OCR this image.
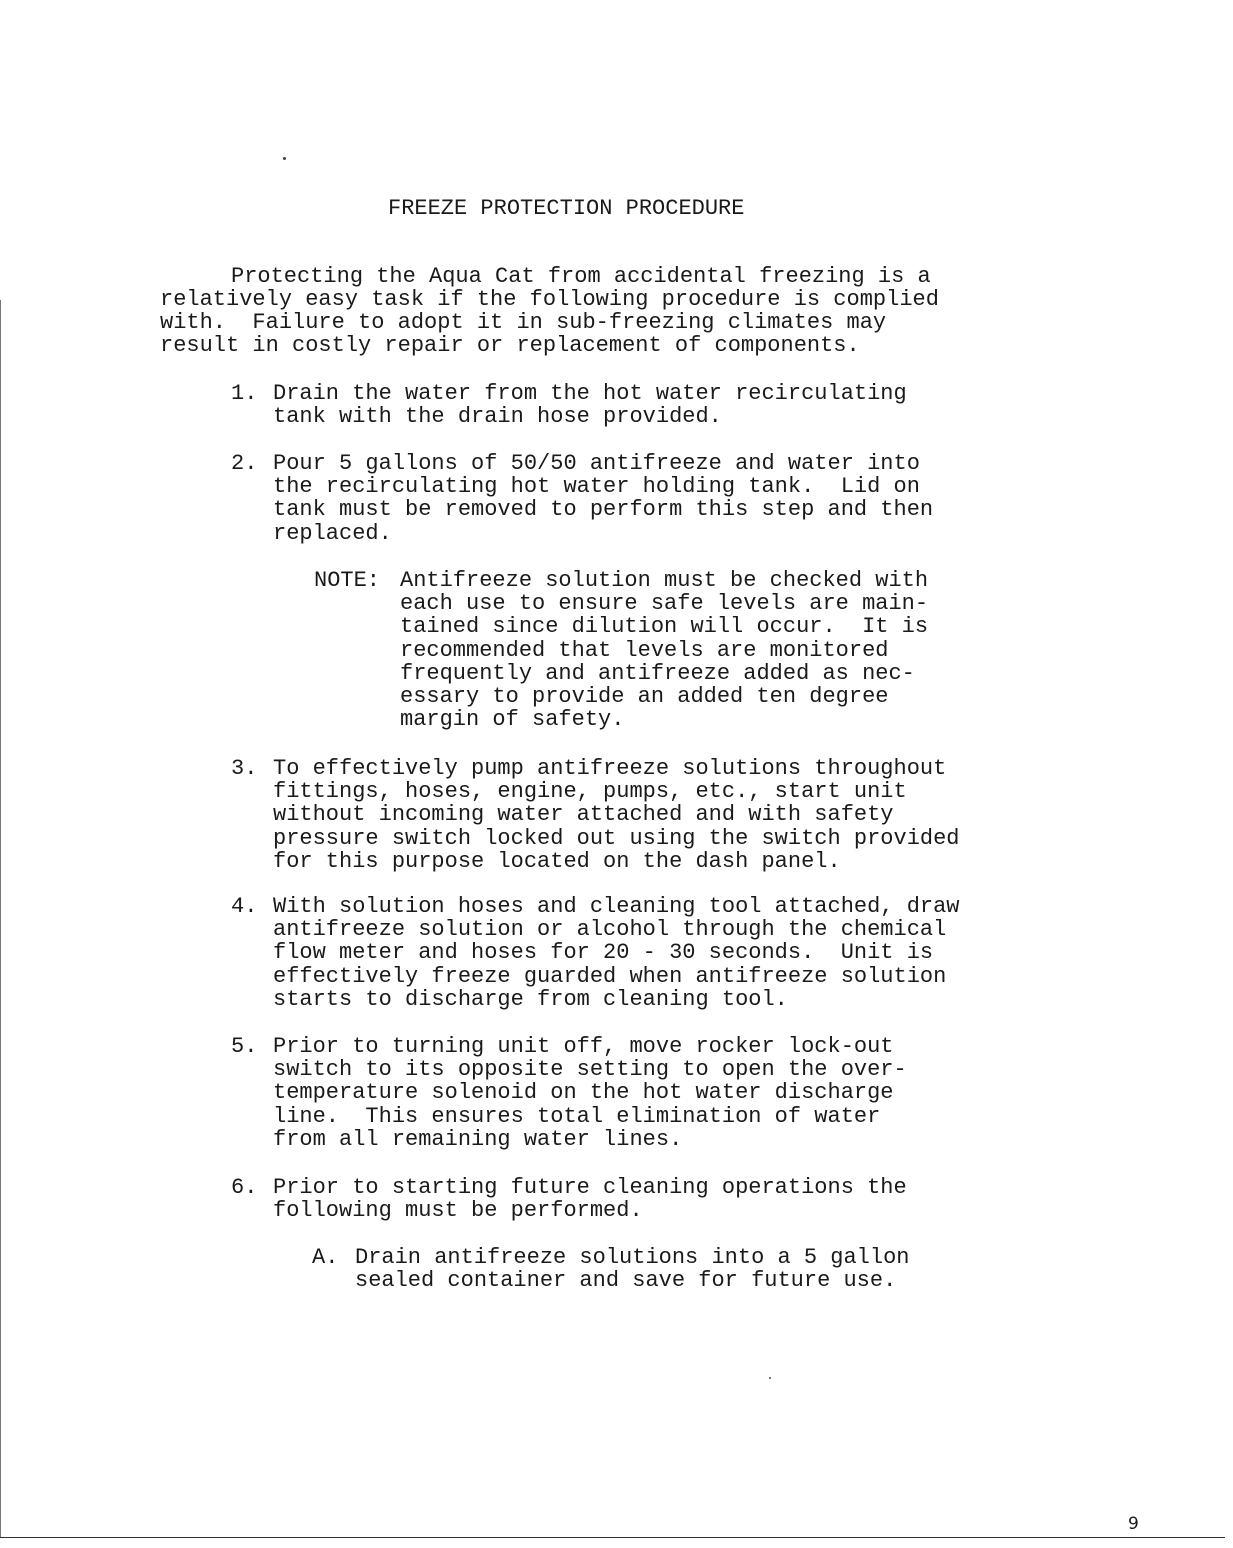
FREEZE PROTECTION PROCEDURE
Protecting the Aqua Cat from accidental freezing is a
relatively easy task if the following procedure is complied
with.  Failure to adopt it in sub-freezing climates may
result in costly repair or replacement of components.
1. Drain the water from the hot water recirculating
tank with the drain hose provided.
2. Pour 5 gallons of 50/50 antifreeze and water into
the recirculating hot water holding tank.  Lid on
tank must be removed to perform this step and then
replaced.
NOTE: Antifreeze solution must be checked with
each use to ensure safe levels are main-
tained since dilution will occur.  It is
recommended that levels are monitored
frequently and antifreeze added as nec-
essary to provide an added ten degree
margin of safety.
3. To effectively pump antifreeze solutions throughout
fittings, hoses, engine, pumps, etc., start unit
without incoming water attached and with safety
pressure switch locked out using the switch provided
for this purpose located on the dash panel.
4. With solution hoses and cleaning tool attached, draw
antifreeze solution or alcohol through the chemical
flow meter and hoses for 20 - 30 seconds.  Unit is
effectively freeze guarded when antifreeze solution
starts to discharge from cleaning tool.
5. Prior to turning unit off, move rocker lock-out
switch to its opposite setting to open the over-
temperature solenoid on the hot water discharge
line.  This ensures total elimination of water
from all remaining water lines.
6. Prior to starting future cleaning operations the
following must be performed.
A. Drain antifreeze solutions into a 5 gallon
sealed container and save for future use.
9
